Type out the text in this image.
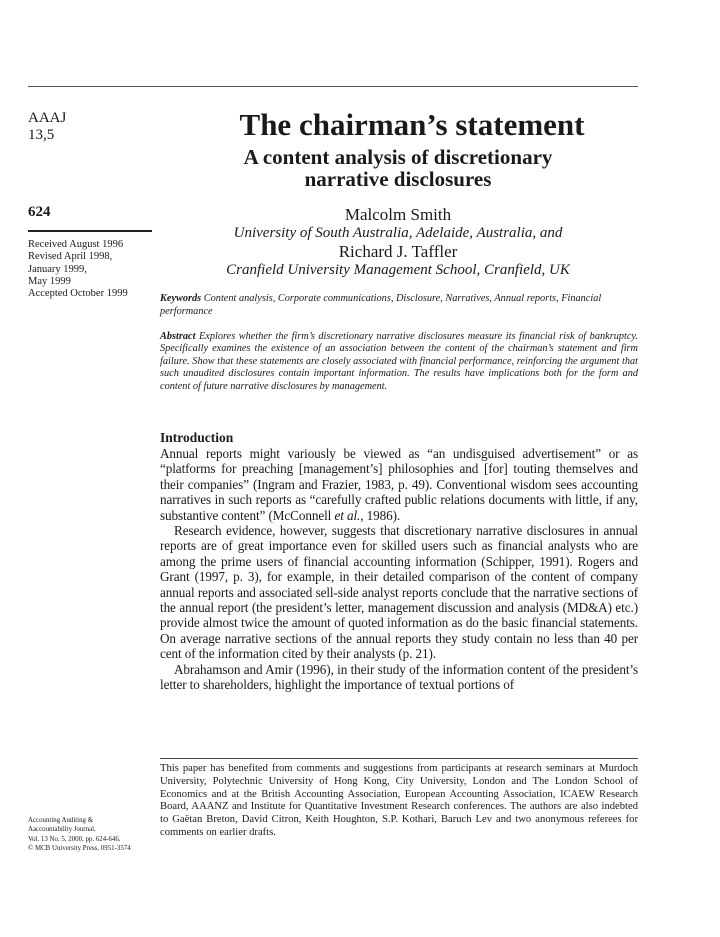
AAAJ
13,5
624
Received August 1996
Revised April 1998,
January 1999,
May 1999
Accepted October 1999
The chairman’s statement
A content analysis of discretionary narrative disclosures
Malcolm Smith
University of South Australia, Adelaide, Australia, and
Richard J. Taffler
Cranfield University Management School, Cranfield, UK
Keywords Content analysis, Corporate communications, Disclosure, Narratives, Annual reports, Financial performance
Abstract Explores whether the firm’s discretionary narrative disclosures measure its financial risk of bankruptcy. Specifically examines the existence of an association between the content of the chairman’s statement and firm failure. Show that these statements are closely associated with financial performance, reinforcing the argument that such unaudited disclosures contain important information. The results have implications both for the form and content of future narrative disclosures by management.
Introduction

Annual reports might variously be viewed as “an undisguised advertisement” or as “platforms for preaching [management’s] philosophies and [for] touting themselves and their companies” (Ingram and Frazier, 1983, p. 49). Conventional wisdom sees accounting narratives in such reports as “carefully crafted public relations documents with little, if any, substantive content” (McConnell et al., 1986).

Research evidence, however, suggests that discretionary narrative disclosures in annual reports are of great importance even for skilled users such as financial analysts who are among the prime users of financial accounting information (Schipper, 1991). Rogers and Grant (1997, p. 3), for example, in their detailed comparison of the content of company annual reports and associated sell-side analyst reports conclude that the narrative sections of the annual report (the president’s letter, management discussion and analysis (MD&A) etc.) provide almost twice the amount of quoted information as do the basic financial statements. On average narrative sections of the annual reports they study contain no less than 40 per cent of the information cited by their analysts (p. 21).

Abrahamson and Amir (1996), in their study of the information content of the president’s letter to shareholders, highlight the importance of textual portions of

This paper has benefited from comments and suggestions from participants at research seminars at Murdoch University, Polytechnic University of Hong Kong, City University, London and The London School of Economics and at the British Accounting Association, European Accounting Association, ICAEW Research Board, AAANZ and Institute for Quantitative Investment Research conferences. The authors are also indebted to Gaëtan Breton, David Citron, Keith Houghton, S.P. Kothari, Baruch Lev and two anonymous referees for comments on earlier drafts.
Accounting Auditing &
Aaccountability Journal,
Vol. 13 No. 5, 2000, pp. 624-646.
© MCB University Press, 0951-3574
